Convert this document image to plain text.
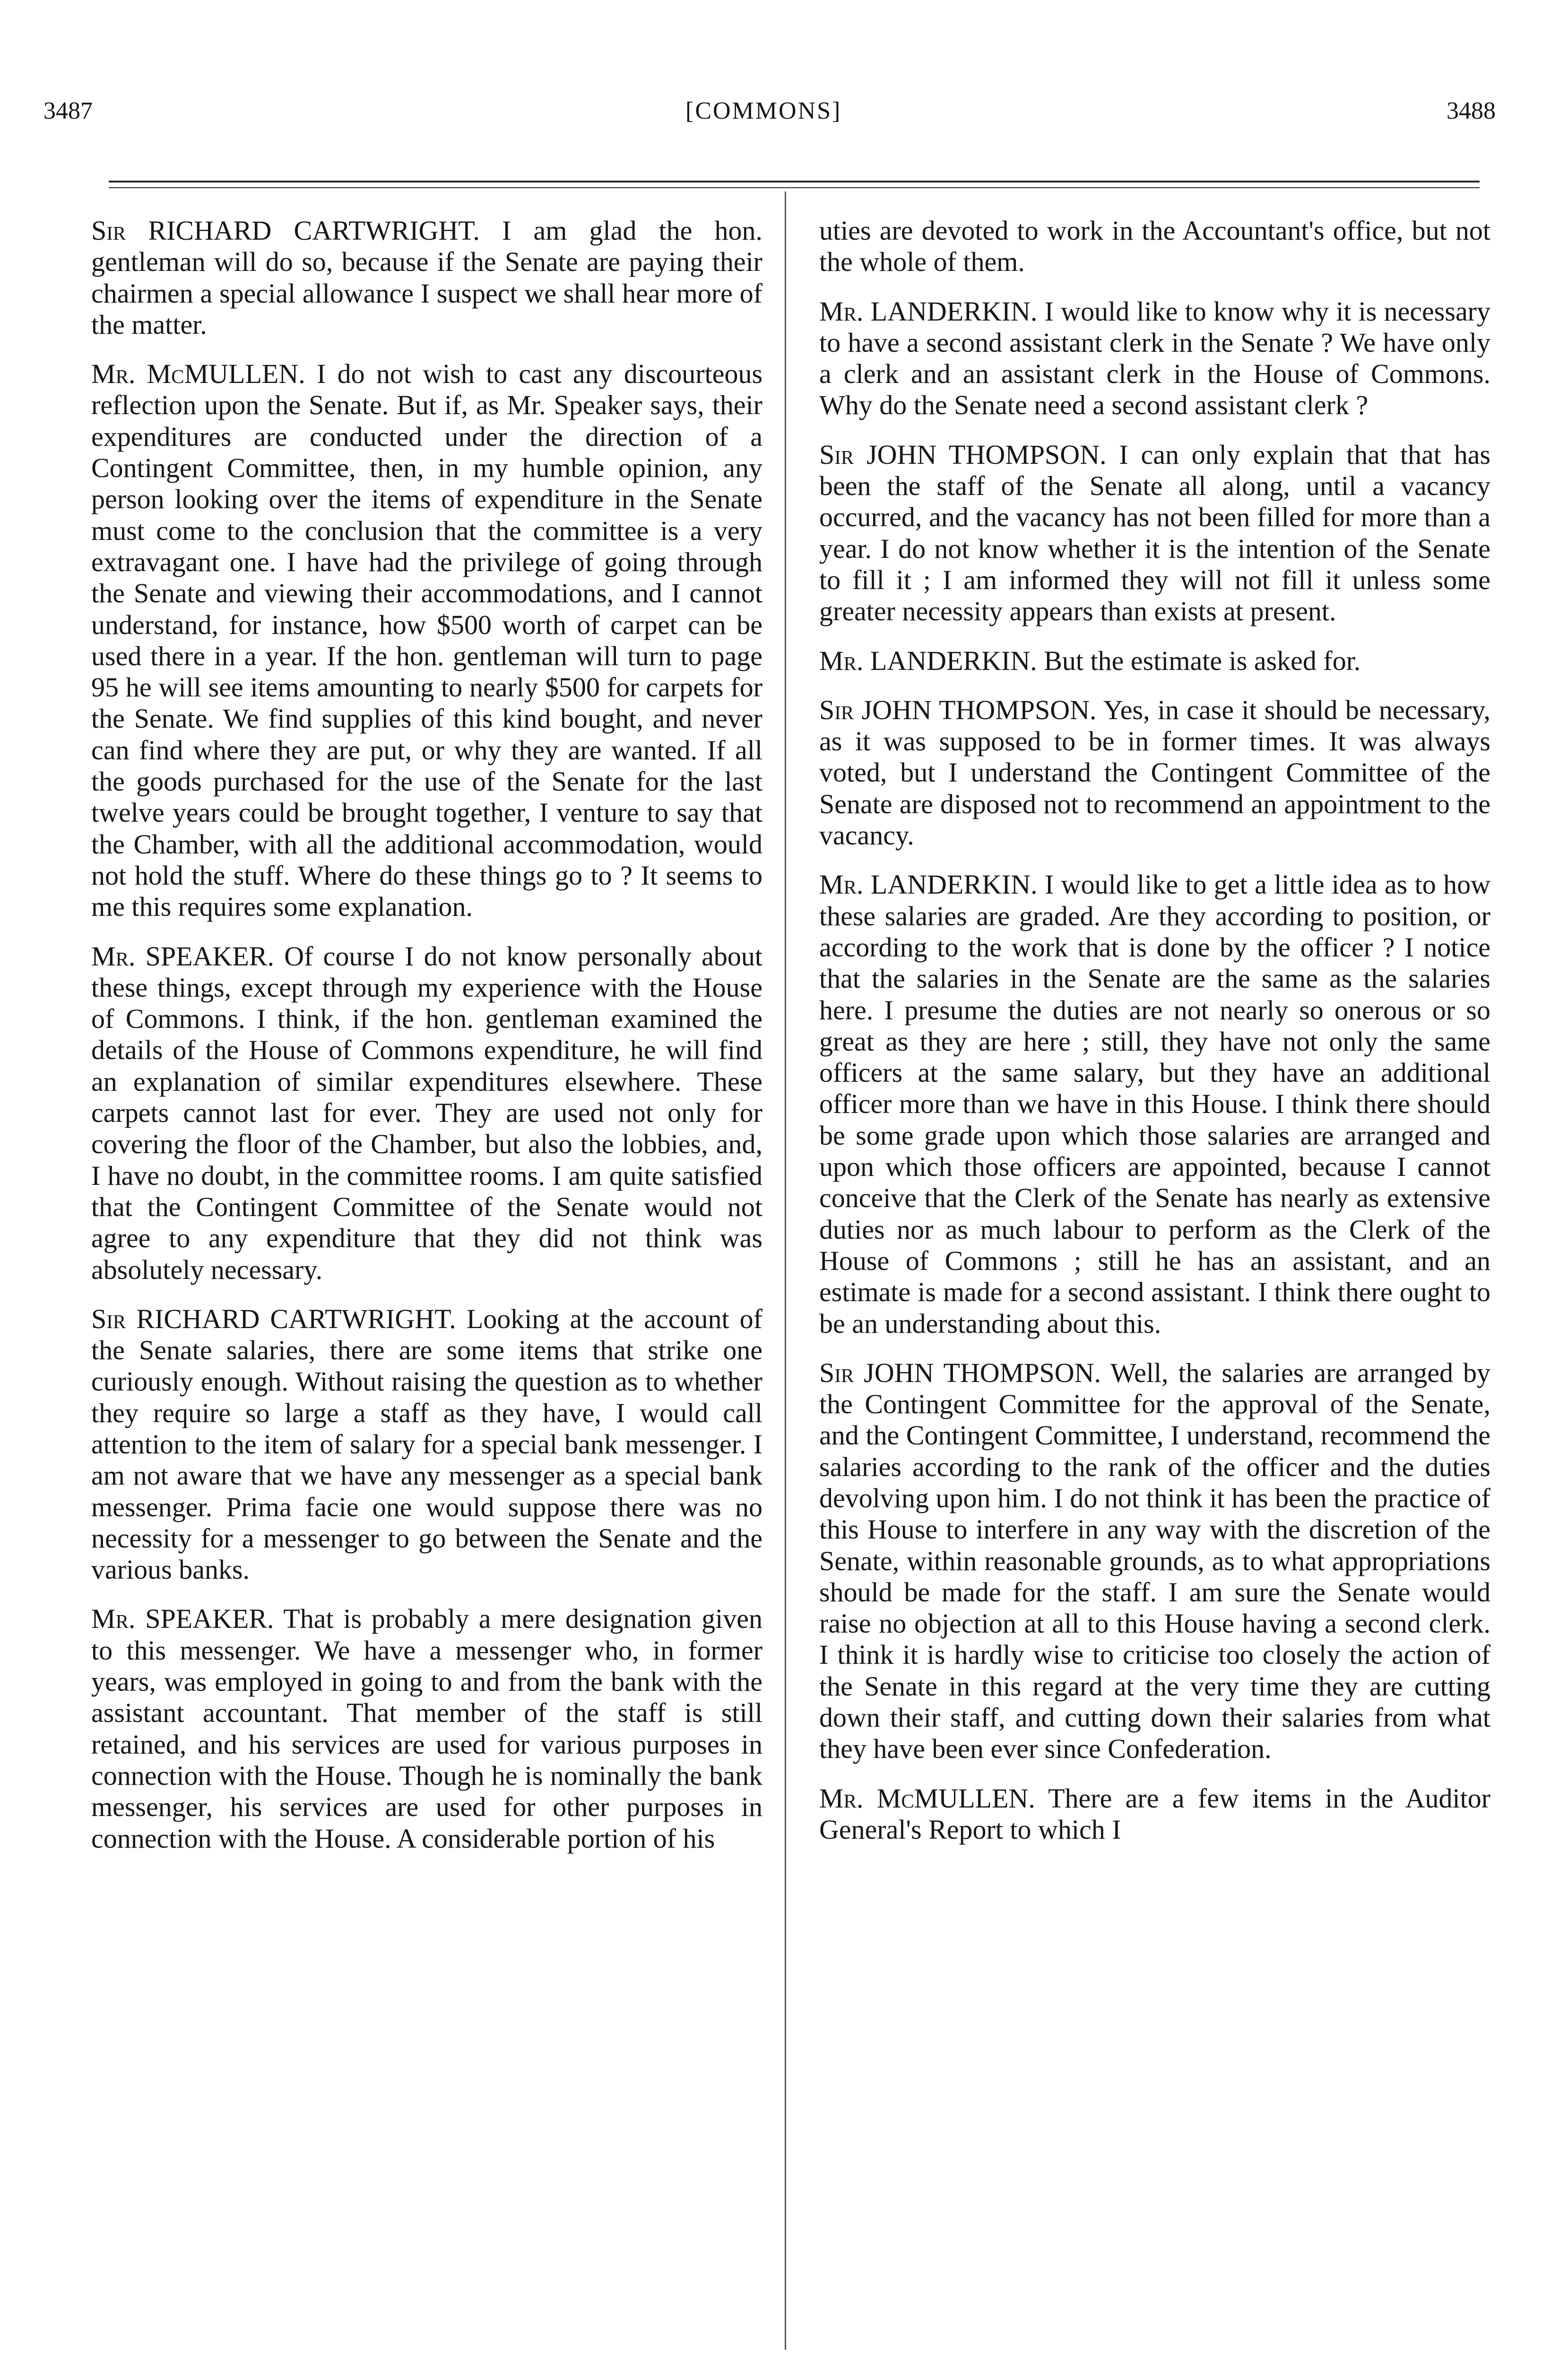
3487	[COMMONS]	3488

Sir RICHARD CARTWRIGHT. I am glad the hon. gentleman will do so, because if the Senate are paying their chairmen a special allowance I suspect we shall hear more of the matter.

Mr. McMULLEN. I do not wish to cast any discourteous reflection upon the Senate. But if, as Mr. Speaker says, their expenditures are conducted under the direction of a Contingent Committee, then, in my humble opinion, any person looking over the items of expenditure in the Senate must come to the conclusion that the committee is a very extravagant one. I have had the privilege of going through the Senate and viewing their accommodations, and I cannot understand, for instance, how $500 worth of carpet can be used there in a year. If the hon. gentleman will turn to page 95 he will see items amounting to nearly $500 for carpets for the Senate. We find supplies of this kind bought, and never can find where they are put, or why they are wanted. If all the goods purchased for the use of the Senate for the last twelve years could be brought together, I venture to say that the Chamber, with all the additional accommodation, would not hold the stuff. Where do these things go to ? It seems to me this requires some explanation.

Mr. SPEAKER. Of course I do not know personally about these things, except through my experience with the House of Commons. I think, if the hon. gentleman examined the details of the House of Commons expenditure, he will find an explanation of similar expenditures elsewhere. These carpets cannot last for ever. They are used not only for covering the floor of the Chamber, but also the lobbies, and, I have no doubt, in the committee rooms. I am quite satisfied that the Contingent Committee of the Senate would not agree to any expenditure that they did not think was absolutely necessary.

Sir RICHARD CARTWRIGHT. Looking at the account of the Senate salaries, there are some items that strike one curiously enough. Without raising the question as to whether they require so large a staff as they have, I would call attention to the item of salary for a special bank messenger. I am not aware that we have any messenger as a special bank messenger. Prima facie one would suppose there was no necessity for a messenger to go between the Senate and the various banks.

Mr. SPEAKER. That is probably a mere designation given to this messenger. We have a messenger who, in former years, was employed in going to and from the bank with the assistant accountant. That member of the staff is still retained, and his services are used for various purposes in connection with the House. Though he is nominally the bank messenger, his services are used for other purposes in connection with the House. A considerable portion of his

uties are devoted to work in the Accountant's office, but not the whole of them.

Mr. LANDERKIN. I would like to know why it is necessary to have a second assistant clerk in the Senate ? We have only a clerk and an assistant clerk in the House of Commons. Why do the Senate need a second assistant clerk ?

Sir JOHN THOMPSON. I can only explain that that has been the staff of the Senate all along, until a vacancy occurred, and the vacancy has not been filled for more than a year. I do not know whether it is the intention of the Senate to fill it ; I am informed they will not fill it unless some greater necessity appears than exists at present.

Mr. LANDERKIN. But the estimate is asked for.

Sir JOHN THOMPSON. Yes, in case it should be necessary, as it was supposed to be in former times. It was always voted, but I understand the Contingent Committee of the Senate are disposed not to recommend an appointment to the vacancy.

Mr. LANDERKIN. I would like to get a little idea as to how these salaries are graded. Are they according to position, or according to the work that is done by the officer ? I notice that the salaries in the Senate are the same as the salaries here. I presume the duties are not nearly so onerous or so great as they are here ; still, they have not only the same officers at the same salary, but they have an additional officer more than we have in this House. I think there should be some grade upon which those salaries are arranged and upon which those officers are appointed, because I cannot conceive that the Clerk of the Senate has nearly as extensive duties nor as much labour to perform as the Clerk of the House of Commons ; still he has an assistant, and an estimate is made for a second assistant. I think there ought to be an understanding about this.

Sir JOHN THOMPSON. Well, the salaries are arranged by the Contingent Committee for the approval of the Senate, and the Contingent Committee, I understand, recommend the salaries according to the rank of the officer and the duties devolving upon him. I do not think it has been the practice of this House to interfere in any way with the discretion of the Senate, within reasonable grounds, as to what appropriations should be made for the staff. I am sure the Senate would raise no objection at all to this House having a second clerk. I think it is hardly wise to criticise too closely the action of the Senate in this regard at the very time they are cutting down their staff, and cutting down their salaries from what they have been ever since Confederation.

Mr. McMULLEN. There are a few items in the Auditor General's Report to which I
